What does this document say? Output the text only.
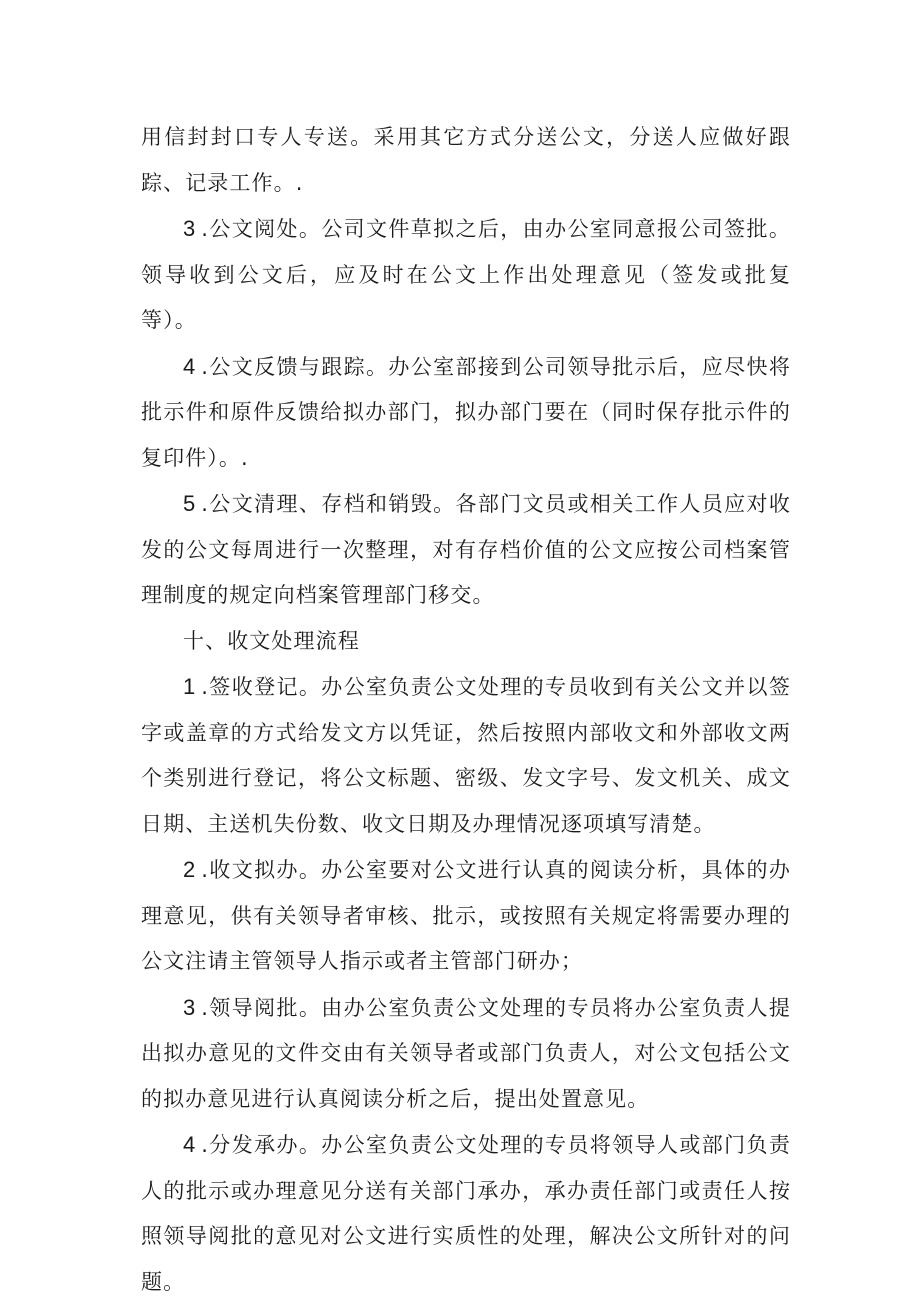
用信封封口专人专送。采用其它方式分送公文，分送人应做好跟踪、记录工作。.

3 .公文阅处。公司文件草拟之后，由办公室同意报公司签批。领导收到公文后，应及时在公文上作出处理意见（签发或批复等）。

4 .公文反馈与跟踪。办公室部接到公司领导批示后，应尽快将批示件和原件反馈给拟办部门，拟办部门要在（同时保存批示件的复印件）。.

5 .公文清理、存档和销毁。各部门文员或相关工作人员应对收发的公文每周进行一次整理，对有存档价值的公文应按公司档案管理制度的规定向档案管理部门移交。

十、收文处理流程

1 .签收登记。办公室负责公文处理的专员收到有关公文并以签字或盖章的方式给发文方以凭证，然后按照内部收文和外部收文两个类别进行登记，将公文标题、密级、发文字号、发文机关、成文日期、主送机失份数、收文日期及办理情况逐项填写清楚。

2 .收文拟办。办公室要对公文进行认真的阅读分析，具体的办理意见，供有关领导者审核、批示，或按照有关规定将需要办理的公文注请主管领导人指示或者主管部门研办；

3 .领导阅批。由办公室负责公文处理的专员将办公室负责人提出拟办意见的文件交由有关领导者或部门负责人，对公文包括公文的拟办意见进行认真阅读分析之后，提出处置意见。

4 .分发承办。办公室负责公文处理的专员将领导人或部门负责人的批示或办理意见分送有关部门承办，承办责任部门或责任人按照领导阅批的意见对公文进行实质性的处理，解决公文所针对的问题。
